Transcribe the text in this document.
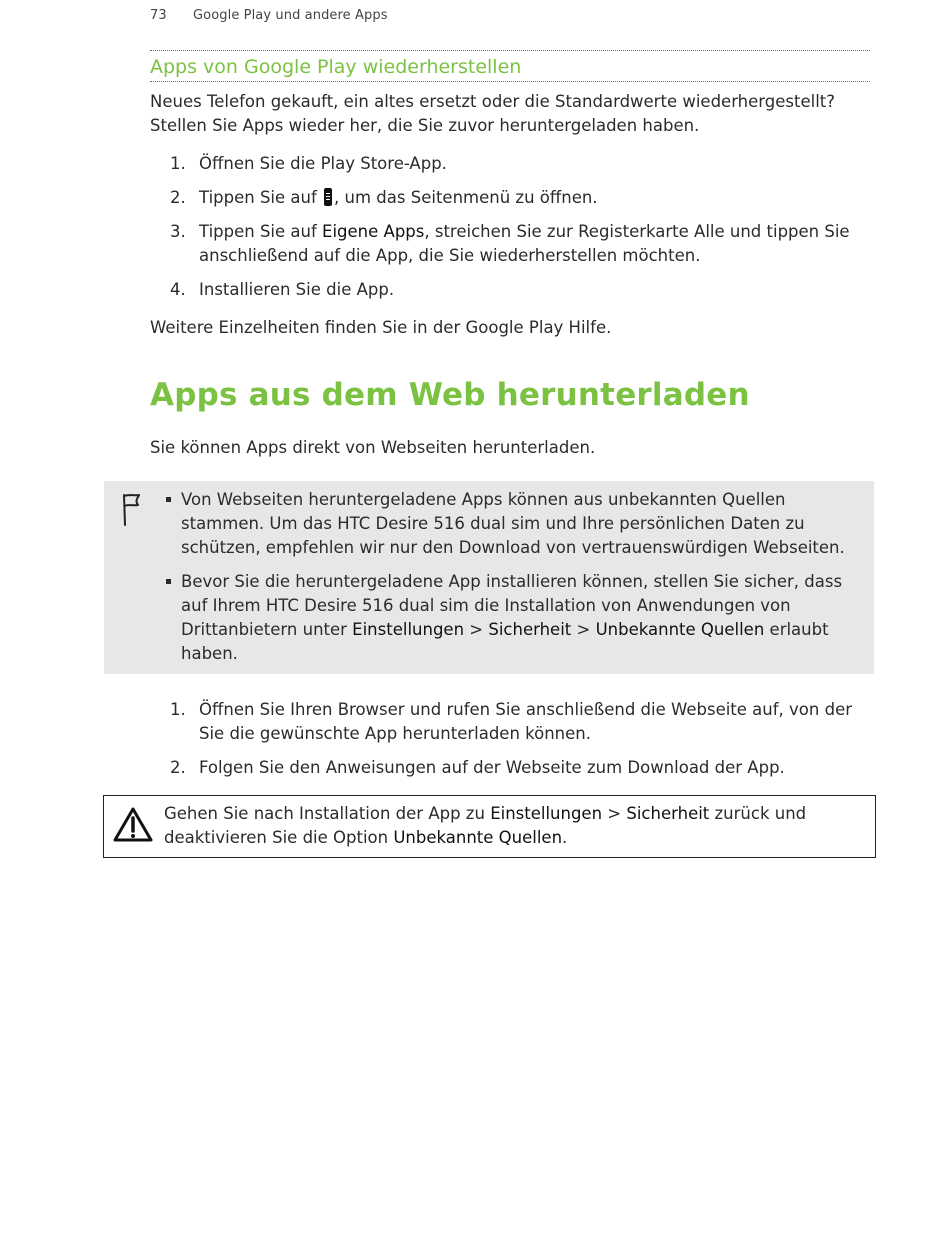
73 Google Play und andere Apps
Apps von Google Play wiederherstellen

Neues Telefon gekauft, ein altes ersetzt oder die Standardwerte wiederhergestellt? Stellen Sie Apps wieder her, die Sie zuvor heruntergeladen haben.

1. Öffnen Sie die Play Store-App.
2. Tippen Sie auf
, um das Seitenmenü zu öffnen.
3. Tippen Sie auf Eigene Apps, streichen Sie zur Registerkarte Alle und tippen Sie anschließend auf die App, die Sie wiederherstellen möchten.
4. Installieren Sie die App.

Weitere Einzelheiten finden Sie in der Google Play Hilfe.

Apps aus dem Web herunterladen

Sie können Apps direkt von Webseiten herunterladen.

Von Webseiten heruntergeladene Apps können aus unbekannten Quellen stammen. Um das HTC Desire 516 dual sim und Ihre persönlichen Daten zu schützen, empfehlen wir nur den Download von vertrauenswürdigen Webseiten.
Bevor Sie die heruntergeladene App installieren können, stellen Sie sicher, dass auf Ihrem HTC Desire 516 dual sim die Installation von Anwendungen von Drittanbietern unter Einstellungen > Sicherheit > Unbekannte Quellen erlaubt haben.
1. Öffnen Sie Ihren Browser und rufen Sie anschließend die Webseite auf, von der Sie die gewünschte App herunterladen können.
2. Folgen Sie den Anweisungen auf der Webseite zum Download der App.
Gehen Sie nach Installation der App zu Einstellungen > Sicherheit zurück und deaktivieren Sie die Option Unbekannte Quellen.
